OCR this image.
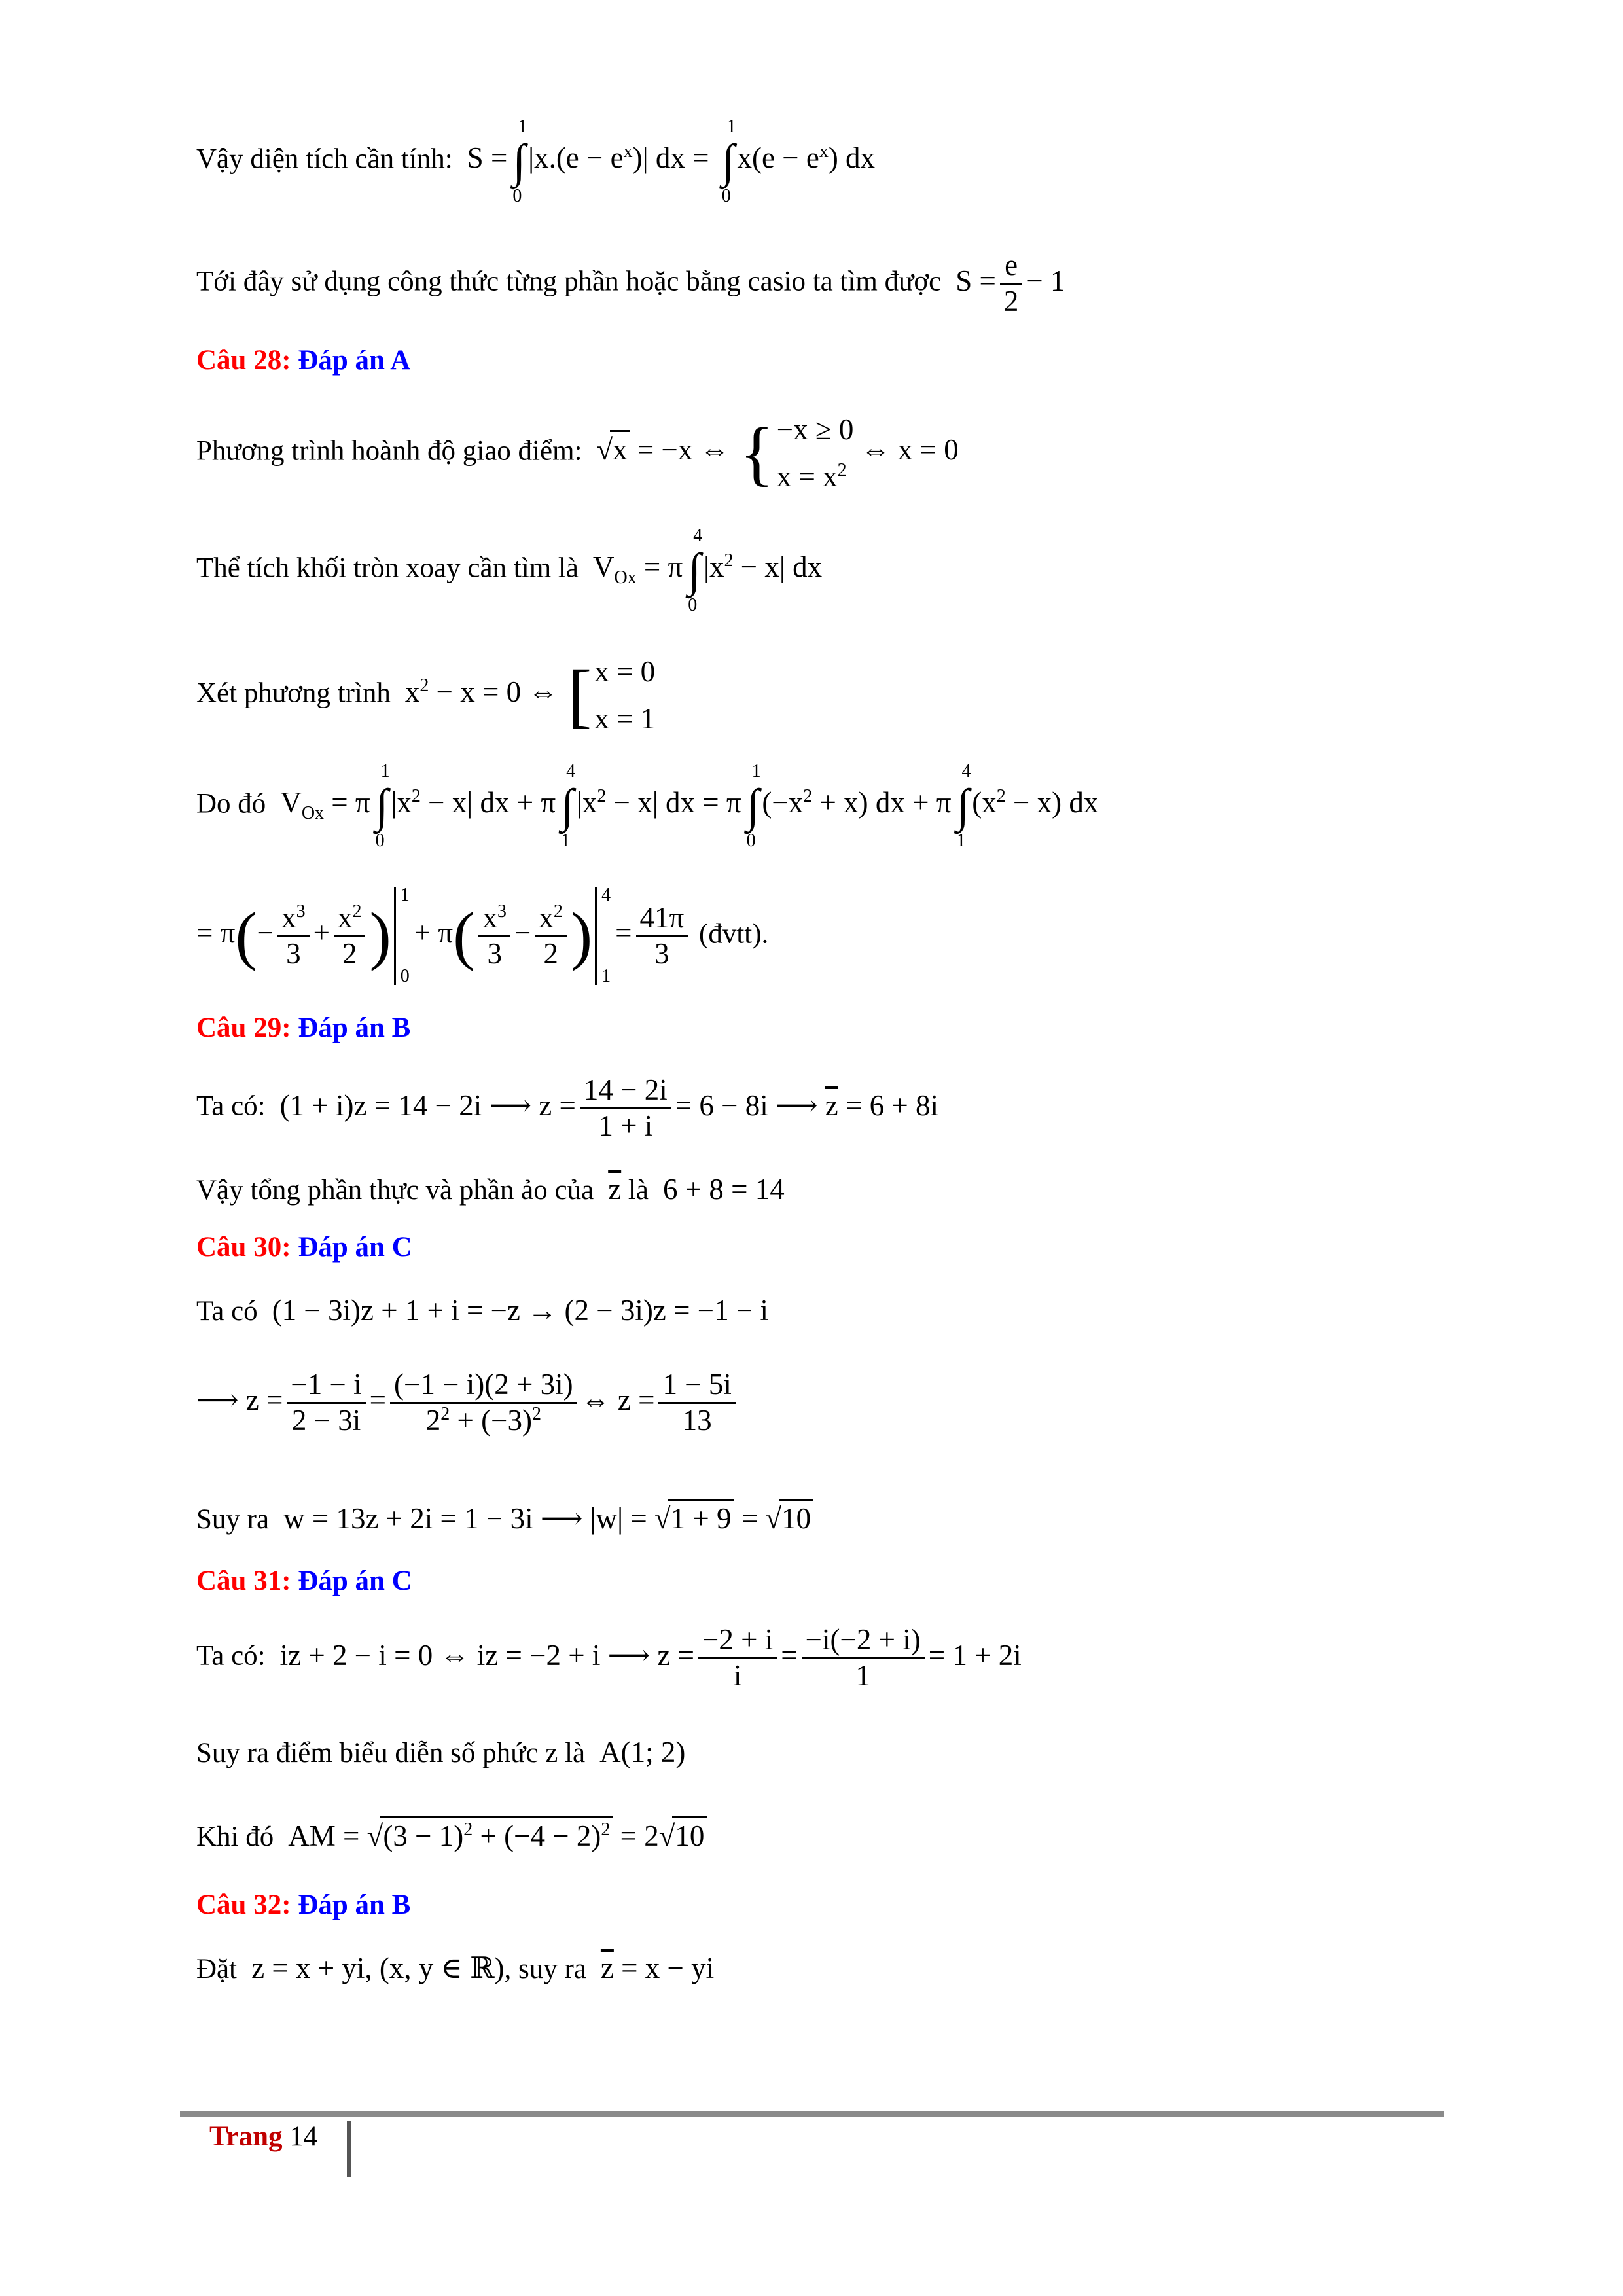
Vậy diện tích cần tính:  S = ∫
1
0
$|x.(e - e^x)|$ dx = ∫
1
0
$x(e - e^x)$ dx
Tới đây sử dụng công thức từng phần hoặc bằng casio ta tìm được  $S = \frac{e}{2} - 1$
Câu 28: Đáp án A
Phương trình hoành độ giao điểm:  √x = −x ⇔ {−x ≥ 0
$x = x^2$ ⇔ x = 0
Thể tích khối tròn xoay cần tìm là  $V_{Ox} = \pi$ ∫
4
0
$|x^2 - x|$ dx
Xét phương trình  $x^2 - x = 0$ ⇔ [x = 0
x = 1
Do đó  $V_{Ox} = \pi$ ∫
1
0
$|x^2 - x|$ dx + π ∫
4
1
$|x^2 - x|$ dx = π ∫
1
0
$(-x^2 + x)$ dx + π ∫
4
1
$(x^2 - x)$ dx
= $\pi(- \frac{x^3}{3} + \frac{x^2}{2}$ )
1
0
+ $\pi( \frac{x^3}{3} - \frac{x^2}{2}$ )
4
1
= $\frac{41\pi}{3}$ (đvtt).
Câu 29: Đáp án B
Ta có:  (1 + i)z = 14 − 2i ⟶ $z = \frac{14 - 2i}{1 + i} = 6 - 8i$ ⟶ $\overline{z} = 6 + 8i$
Vậy tổng phần thực và phần ảo của $\overline{z}$ là  6 + 8 = 14
Câu 30: Đáp án C
Ta có  (1 − 3i)z + 1 + i = −z → (2 − 3i)z = −1 − i
⟶ $z = \frac{-1 - i}{2 - 3i} = \frac{(-1 - i)(2 + 3i)}{2^2 + (-3)^2}$ ⇔ $z = \frac{1 - 5i}{13}$
Suy ra  w = 13z + 2i = 1 − 3i ⟶ |w| = √1 + 9 = √10
Câu 31: Đáp án C
Ta có:  iz + 2 − i = 0 ⇔ iz = −2 + i ⟶ $z = \frac{-2 + i}{i} = \frac{-i(-2 + i)}{1} = 1 + 2i$
Suy ra điểm biểu diễn số phức z là  A(1; 2)
Khi đó  AM = $√(3 - 1)^2 + (-4 - 2)^2 = 2√10$
Câu 32: Đáp án B
Đặt  z = x + yi, (x, y ∈ ℝ), suy ra $\overline{z} = x$ − yi
Trang 14
